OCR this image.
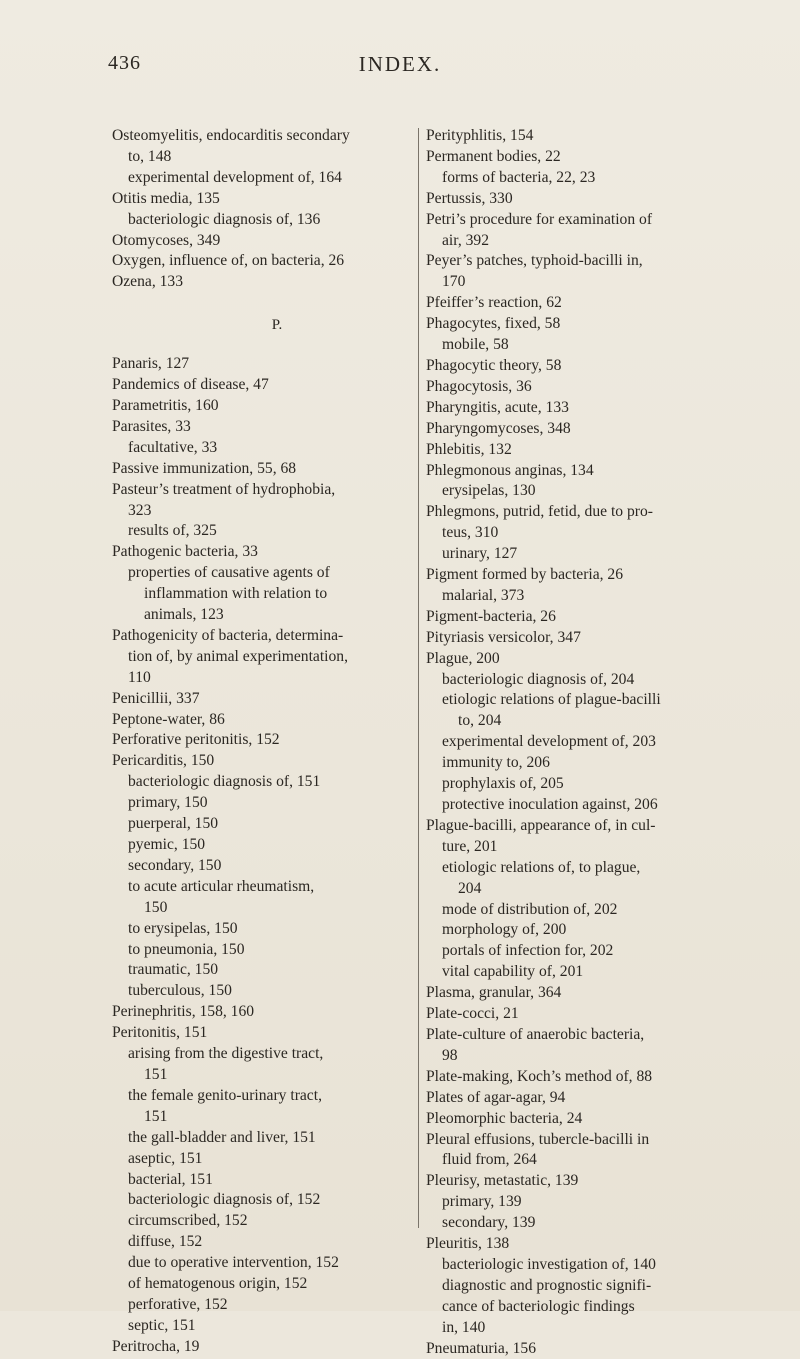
436	INDEX.
Osteomyelitis, endocarditis secondary
to, 148
experimental development of, 164
Otitis media, 135
bacteriologic diagnosis of, 136
Otomycoses, 349
Oxygen, influence of, on bacteria, 26
Ozena, 133
P.
Panaris, 127
Pandemics of disease, 47
Parametritis, 160
Parasites, 33
facultative, 33
Passive immunization, 55, 68
Pasteur’s treatment of hydrophobia,
323
results of, 325
Pathogenic bacteria, 33
properties of causative agents of
inflammation with relation to
animals, 123
Pathogenicity of bacteria, determina-
tion of, by animal experimentation,
110
Penicillii, 337
Peptone-water, 86
Perforative peritonitis, 152
Pericarditis, 150
bacteriologic diagnosis of, 151
primary, 150
puerperal, 150
pyemic, 150
secondary, 150
to acute articular rheumatism,
150
to erysipelas, 150
to pneumonia, 150
traumatic, 150
tuberculous, 150
Perinephritis, 158, 160
Peritonitis, 151
arising from the digestive tract,
151
the female genito-urinary tract,
151
the gall-bladder and liver, 151
aseptic, 151
bacterial, 151
bacteriologic diagnosis of, 152
circumscribed, 152
diffuse, 152
due to operative intervention, 152
of hematogenous origin, 152
perforative, 152
septic, 151
Peritrocha, 19
Perityphlitis, 154
Permanent bodies, 22
forms of bacteria, 22, 23
Pertussis, 330
Petri’s procedure for examination of
air, 392
Peyer’s patches, typhoid-bacilli in,
170
Pfeiffer’s reaction, 62
Phagocytes, fixed, 58
mobile, 58
Phagocytic theory, 58
Phagocytosis, 36
Pharyngitis, acute, 133
Pharyngomycoses, 348
Phlebitis, 132
Phlegmonous anginas, 134
erysipelas, 130
Phlegmons, putrid, fetid, due to pro-
teus, 310
urinary, 127
Pigment formed by bacteria, 26
malarial, 373
Pigment-bacteria, 26
Pityriasis versicolor, 347
Plague, 200
bacteriologic diagnosis of, 204
etiologic relations of plague-bacilli
to, 204
experimental development of, 203
immunity to, 206
prophylaxis of, 205
protective inoculation against, 206
Plague-bacilli, appearance of, in cul-
ture, 201
etiologic relations of, to plague,
204
mode of distribution of, 202
morphology of, 200
portals of infection for, 202
vital capability of, 201
Plasma, granular, 364
Plate-cocci, 21
Plate-culture of anaerobic bacteria,
98
Plate-making, Koch’s method of, 88
Plates of agar-agar, 94
Pleomorphic bacteria, 24
Pleural effusions, tubercle-bacilli in
fluid from, 264
Pleurisy, metastatic, 139
primary, 139
secondary, 139
Pleuritis, 138
bacteriologic investigation of, 140
diagnostic and prognostic signifi-
cance of bacteriologic findings
in, 140
Pneumaturia, 156
